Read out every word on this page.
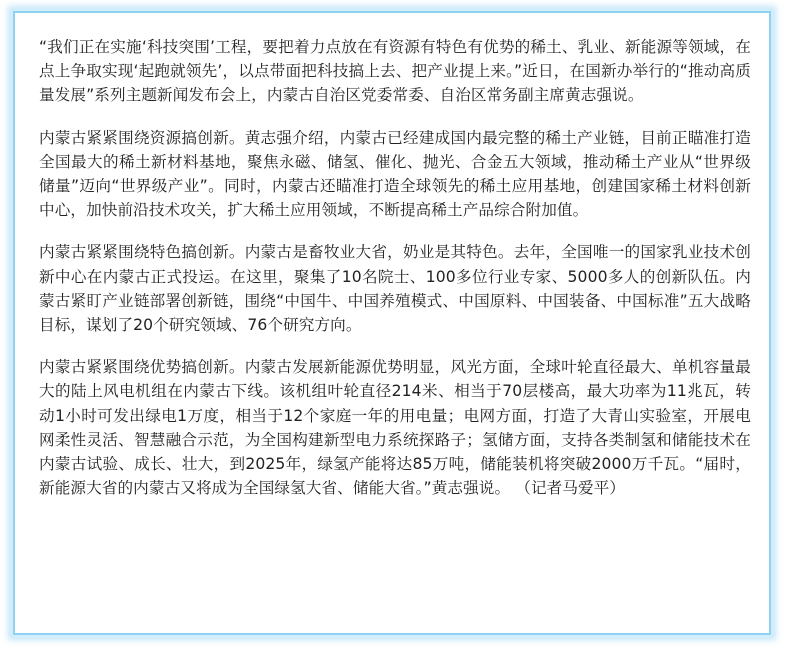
“我们正在实施‘科技突围’工程，要把着力点放在有资源有特色有优势的稀土、乳业、新能源等领域，在点上争取实现‘起跑就领先’，以点带面把科技搞上去、把产业提上来。”近日，在国新办举行的“推动高质量发展”系列主题新闻发布会上，内蒙古自治区党委常委、自治区常务副主席黄志强说。

内蒙古紧紧围绕资源搞创新。黄志强介绍，内蒙古已经建成国内最完整的稀土产业链，目前正瞄准打造全国最大的稀土新材料基地，聚焦永磁、储氢、催化、抛光、合金五大领域，推动稀土产业从“世界级储量”迈向“世界级产业”。同时，内蒙古还瞄准打造全球领先的稀土应用基地，创建国家稀土材料创新中心，加快前沿技术攻关，扩大稀土应用领域，不断提高稀土产品综合附加值。

内蒙古紧紧围绕特色搞创新。内蒙古是畜牧业大省，奶业是其特色。去年，全国唯一的国家乳业技术创新中心在内蒙古正式投运。在这里，聚集了10名院士、100多位行业专家、5000多人的创新队伍。内蒙古紧盯产业链部署创新链，围绕“中国牛、中国养殖模式、中国原料、中国装备、中国标准”五大战略目标，谋划了20个研究领域、76个研究方向。

内蒙古紧紧围绕优势搞创新。内蒙古发展新能源优势明显，风光方面，全球叶轮直径最大、单机容量最大的陆上风电机组在内蒙古下线。该机组叶轮直径214米、相当于70层楼高，最大功率为11兆瓦，转动1小时可发出绿电1万度，相当于12个家庭一年的用电量；电网方面，打造了大青山实验室，开展电网柔性灵活、智慧融合示范，为全国构建新型电力系统探路子；氢储方面，支持各类制氢和储能技术在内蒙古试验、成长、壮大，到2025年，绿氢产能将达85万吨，储能装机将突破2000万千瓦。“届时，新能源大省的内蒙古又将成为全国绿氢大省、储能大省。”黄志强说。 （记者马爱平）
